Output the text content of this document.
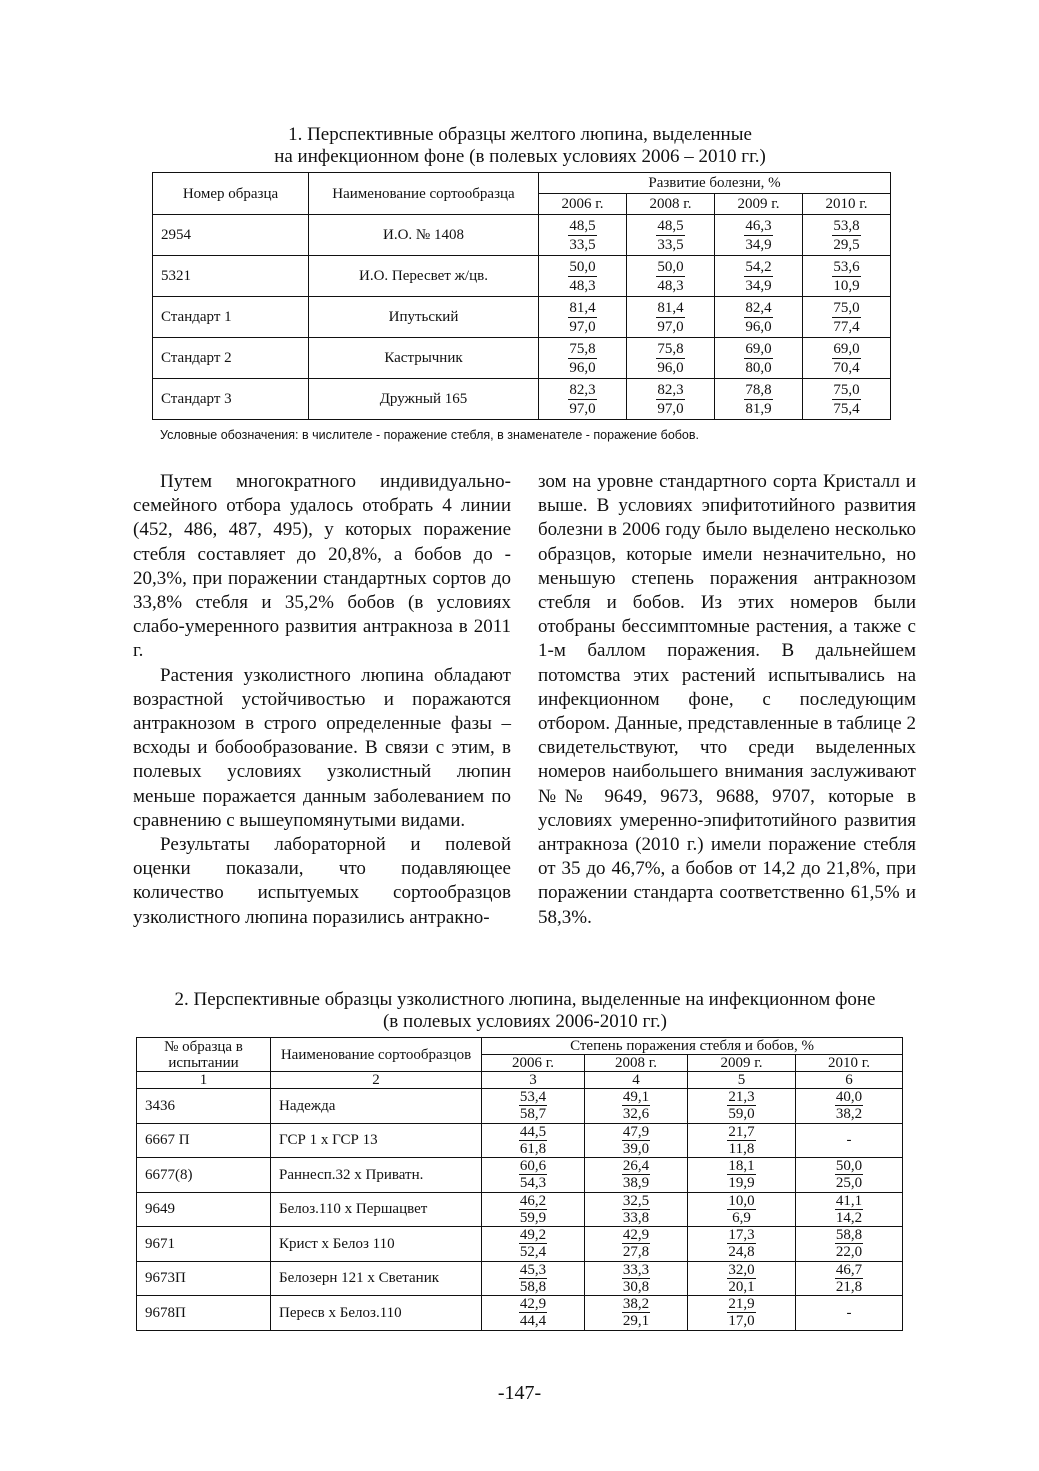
1. Перспективные образцы желтого люпина, выделенные
на инфекционном фоне (в полевых условиях 2006 – 2010 гг.)
Номер образца	Наименование сортообразца	Развитие болезни, %			
		2006 г.	2008 г.	2009 г.	2010 г.
2954	И.О. № 1408	$\frac{48,5}{33,5}$	$\frac{48,5}{33,5}$	$\frac{46,3}{34,9}$	$\frac{53,8}{29,5}$

5321	И.О. Пересвет ж/цв.	$\frac{50,0}{48,3}$	$\frac{50,0}{48,3}$	$\frac{54,2}{34,9}$	$\frac{53,6}{10,9}$

Стандарт 1	Ипутьский	$\frac{81,4}{97,0}$	$\frac{81,4}{97,0}$	$\frac{82,4}{96,0}$	$\frac{75,0}{77,4}$

Стандарт 2	Кастрычник	$\frac{75,8}{96,0}$	$\frac{75,8}{96,0}$	$\frac{69,0}{80,0}$	$\frac{69,0}{70,4}$

Стандарт 3	Дружный 165	$\frac{82,3}{97,0}$	$\frac{82,3}{97,0}$	$\frac{78,8}{81,9}$	$\frac{75,0}{75,4}$
Условные обозначения: в числителе - поражение стебля, в знаменателе - поражение бобов.

Путем многократного индивидуально-семейного отбора удалось отобрать 4 линии (452, 486, 487, 495), у которых поражение стебля составляет до 20,8%, а бобов до - 20,3%, при поражении стандартных сортов до 33,8% стебля и 35,2% бобов (в условиях слабо-умеренного развития антракноза в 2011 г.

Растения узколистного люпина обладают возрастной устойчивостью и поражаются антракнозом в строго определенные фазы – всходы и бобообразование. В связи с этим, в полевых условиях узколистный люпин меньше поражается данным заболеванием по сравнению с вышеупомянутыми видами.

Результаты лабораторной и полевой оценки показали, что подавляющее количество испытуемых сортообразцов узколистного люпина поразились антракно-

зом на уровне стандартного сорта Кристалл и выше. В условиях эпифитотийного развития болезни в 2006 году было выделено несколько образцов, которые имели незначительно, но меньшую степень поражения антракнозом стебля и бобов. Из этих номеров были отобраны бессимптомные растения, а также с 1-м баллом поражения. В дальнейшем потомства этих растений испытывались на инфекционном фоне, с последующим отбором. Данные, представленные в таблице 2 свидетельствуют, что среди выделенных номеров наибольшего внимания заслуживают №№ 9649, 9673, 9688, 9707, которые в условиях умеренно-эпифитотийного развития антракноза (2010 г.) имели поражение стебля от 35 до 46,7%, а бобов от 14,2 до 21,8%, при поражении стандарта соответственно 61,5% и 58,3%.

2. Перспективные образцы узколистного люпина, выделенные на инфекционном фоне
(в полевых условиях 2006-2010 гг.)
№ образца в испытании	Наименование сортообразцов	Степень поражения стебля и бобов, %			
		2006 г.	2008 г.	2009 г.	2010 г.
1	2	3	4	5	6
3436	Надежда	$\frac{53,4}{58,7}$	$\frac{49,1}{32,6}$	$\frac{21,3}{59,0}$	$\frac{40,0}{38,2}$

6667 П	ГСР 1 х ГСР 13	$\frac{44,5}{61,8}$	$\frac{47,9}{39,0}$	$\frac{21,7}{11,8}$	-
6677(8)	Раннесп.32 х Приватн.	$\frac{60,6}{54,3}$	$\frac{26,4}{38,9}$	$\frac{18,1}{19,9}$	$\frac{50,0}{25,0}$

9649	Белоз.110 х Першацвет	$\frac{46,2}{59,9}$	$\frac{32,5}{33,8}$	$\frac{10,0}{6,9}$	$\frac{41,1}{14,2}$

9671	Крист х Белоз 110	$\frac{49,2}{52,4}$	$\frac{42,9}{27,8}$	$\frac{17,3}{24,8}$	$\frac{58,8}{22,0}$

9673П	Белозерн 121 х Светаник	$\frac{45,3}{58,8}$	$\frac{33,3}{30,8}$	$\frac{32,0}{20,1}$	$\frac{46,7}{21,8}$

9678П	Пересв х Белоз.110	$\frac{42,9}{44,4}$	$\frac{38,2}{29,1}$	$\frac{21,9}{17,0}$	-
-147-
